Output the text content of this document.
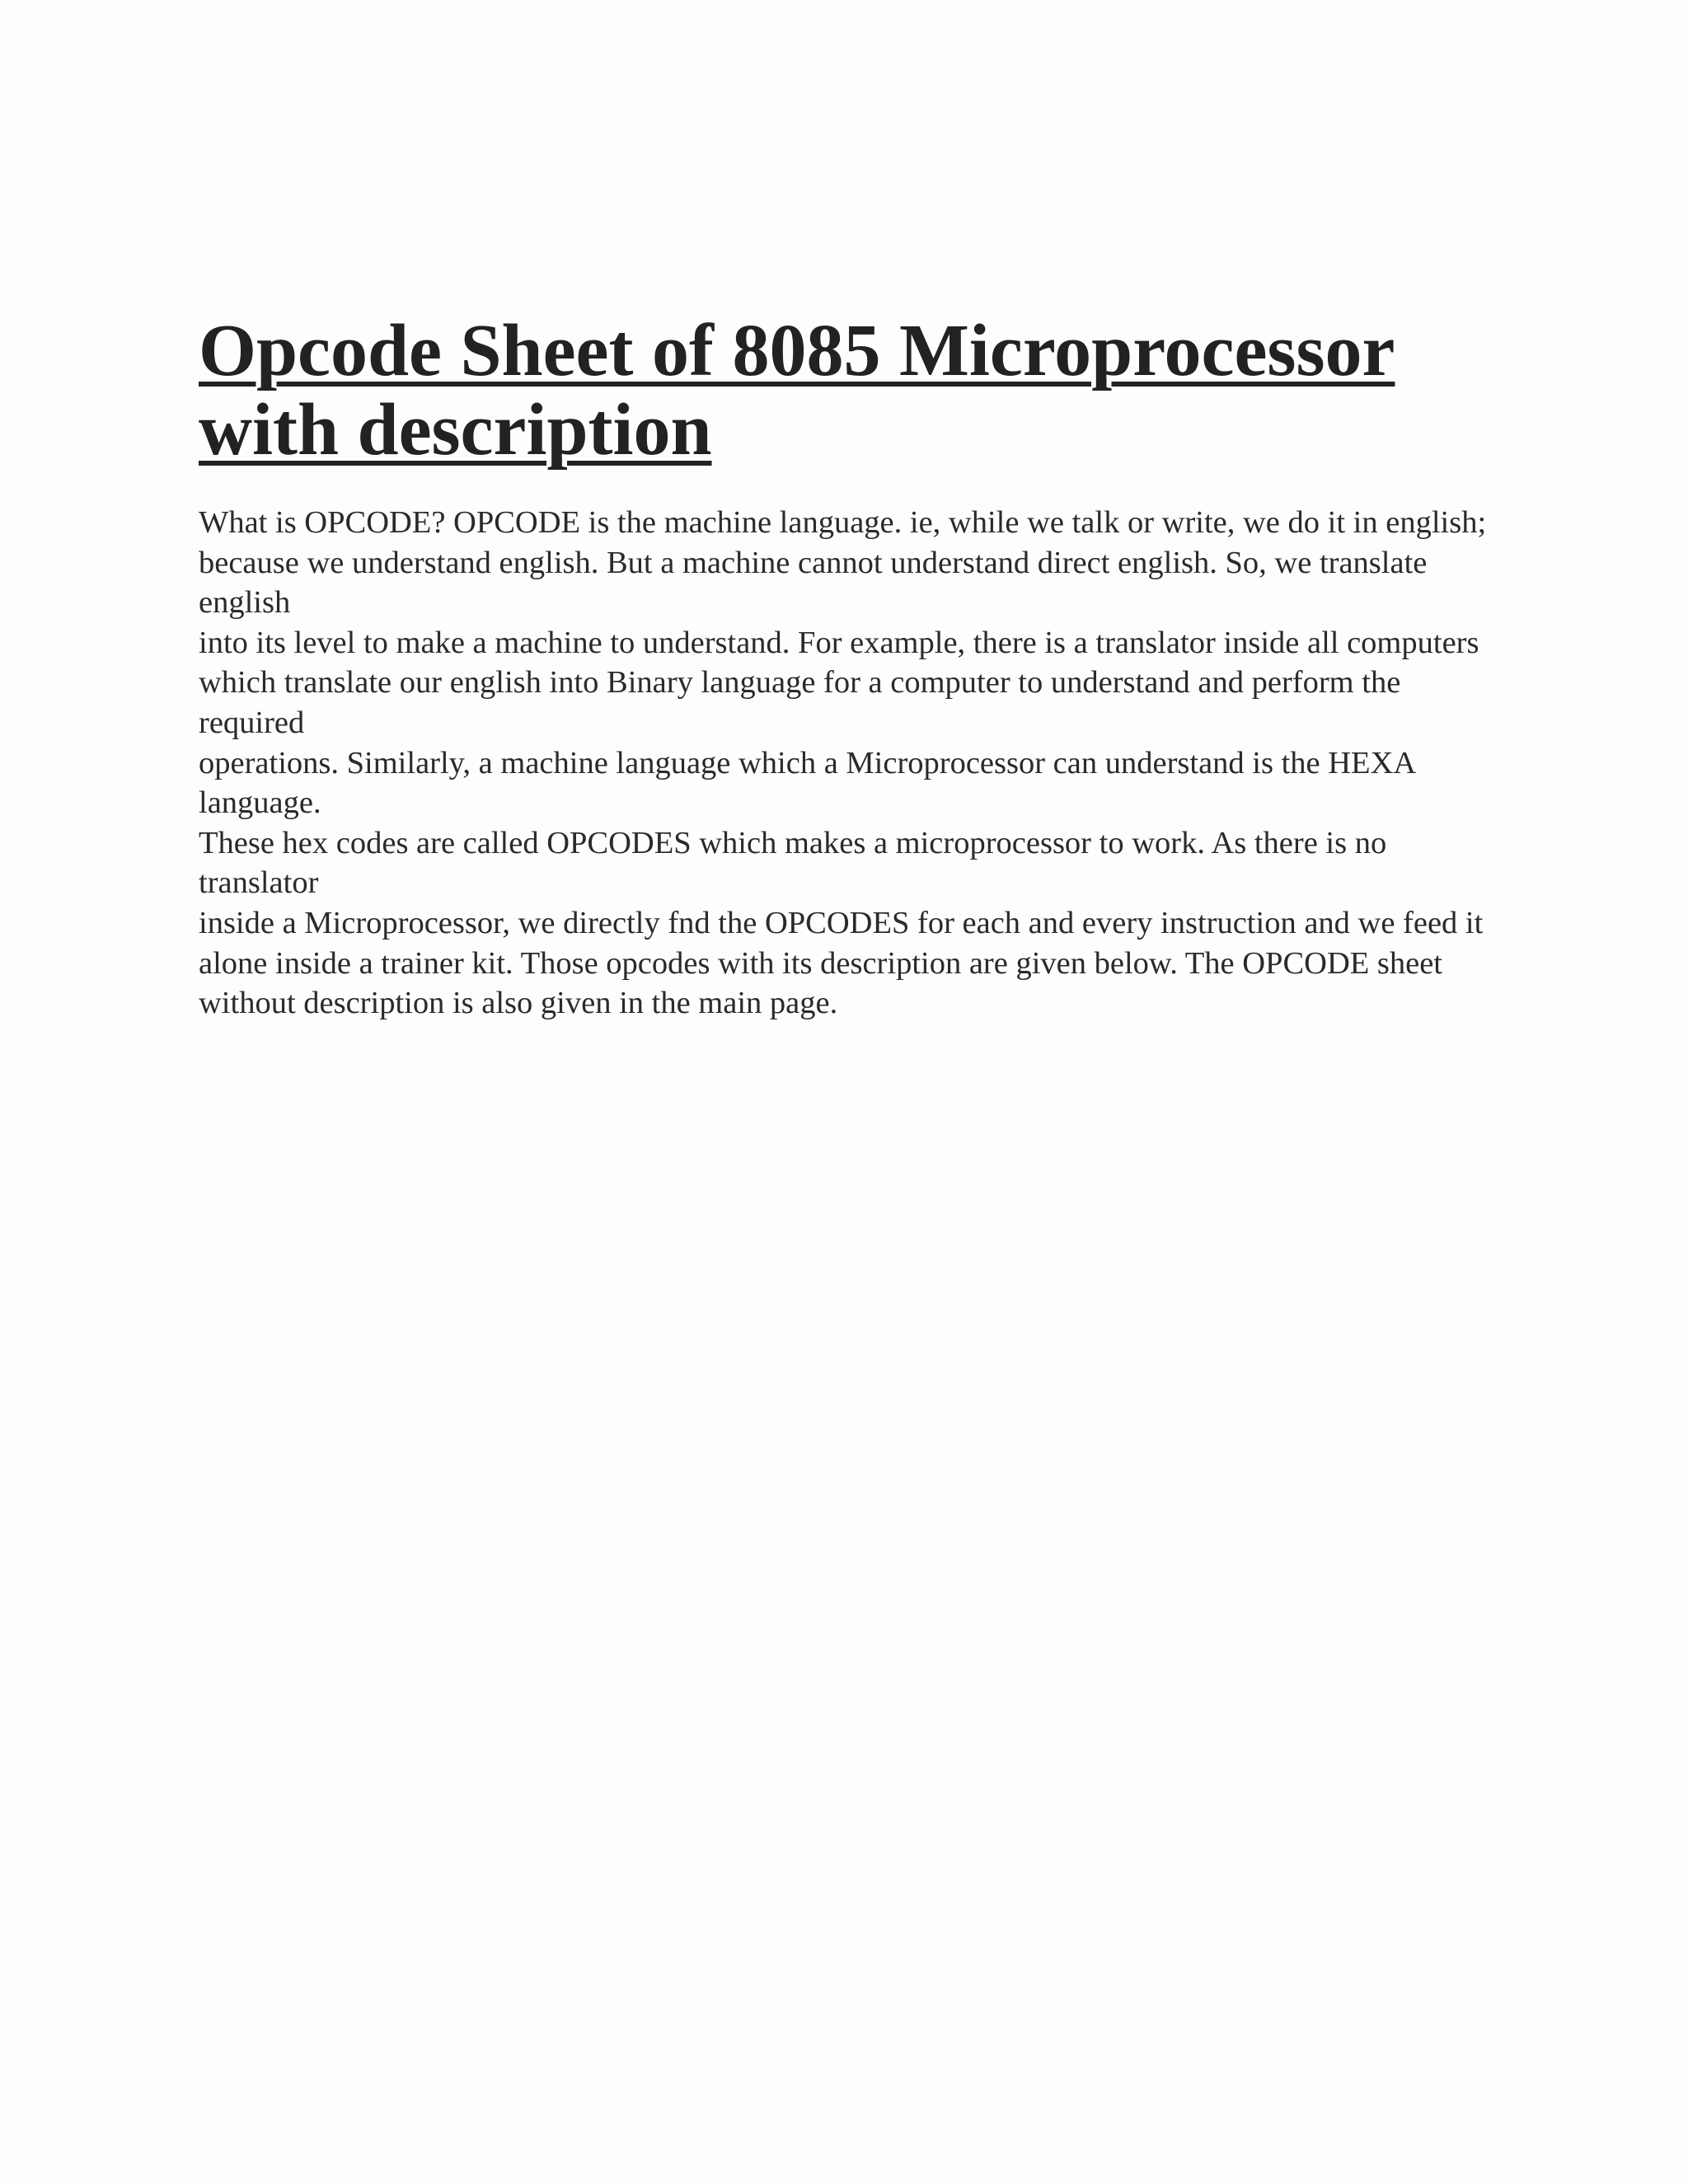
Opcode Sheet of 8085 Microprocessor with description

What is OPCODE? OPCODE is the machine language. ie, while we talk or write, we do it in english;
because we understand english. But a machine cannot understand direct english. So, we translate english
into its level to make a machine to understand. For example, there is a translator inside all computers
which translate our english into Binary language for a computer to understand and perform the required
operations. Similarly, a machine language which a Microprocessor can understand is the HEXA language.
These hex codes are called OPCODES which makes a microprocessor to work. As there is no translator
inside a Microprocessor, we directly fnd the OPCODES for each and every instruction and we feed it
alone inside a trainer kit. Those opcodes with its description are given below. The OPCODE sheet
without description is also given in the main page.
